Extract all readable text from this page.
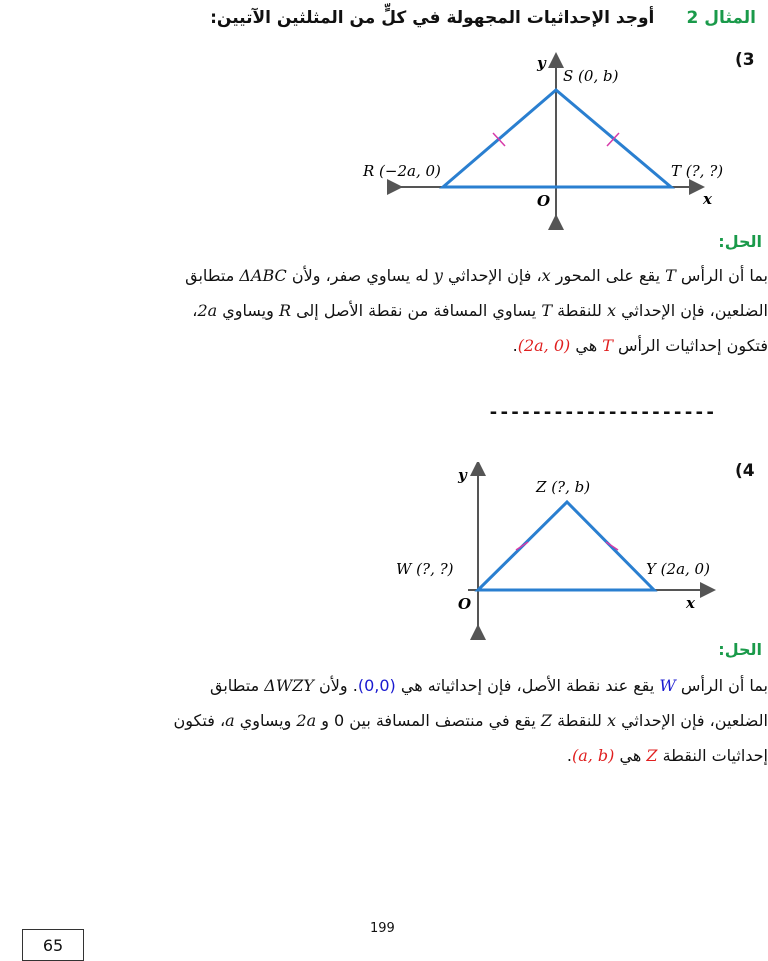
المثال 2  أوجد الإحداثيات المجهولة في كلٍّ من المثلثين الآتيين:
(3
y
S (0, b)
R (−2a, 0)	T (?, ?)
O	x
الحل:
بما أن الرأس T يقع على المحور x، فإن الإحداثي y له يساوي صفر، ولأن ΔABC متطابق
الضلعين، فإن الإحداثي x للنقطة T يساوي المسافة من نقطة الأصل إلى R ويساوي 2a،
فتكون إحداثيات الرأس T هي (2a, 0).
---------------------
(4
y
Z (?, b)
W (?, ?)	Y (2a, 0)
O	x
الحل:
بما أن الرأس W يقع عند نقطة الأصل، فإن إحداثياته هي (0,0). ولأن ΔWZY متطابق
الضلعين، فإن الإحداثي x للنقطة Z يقع في منتصف المسافة بين 0 و 2a ويساوي a، فتكون
إحداثيات النقطة Z هي (a, b).
199
65
